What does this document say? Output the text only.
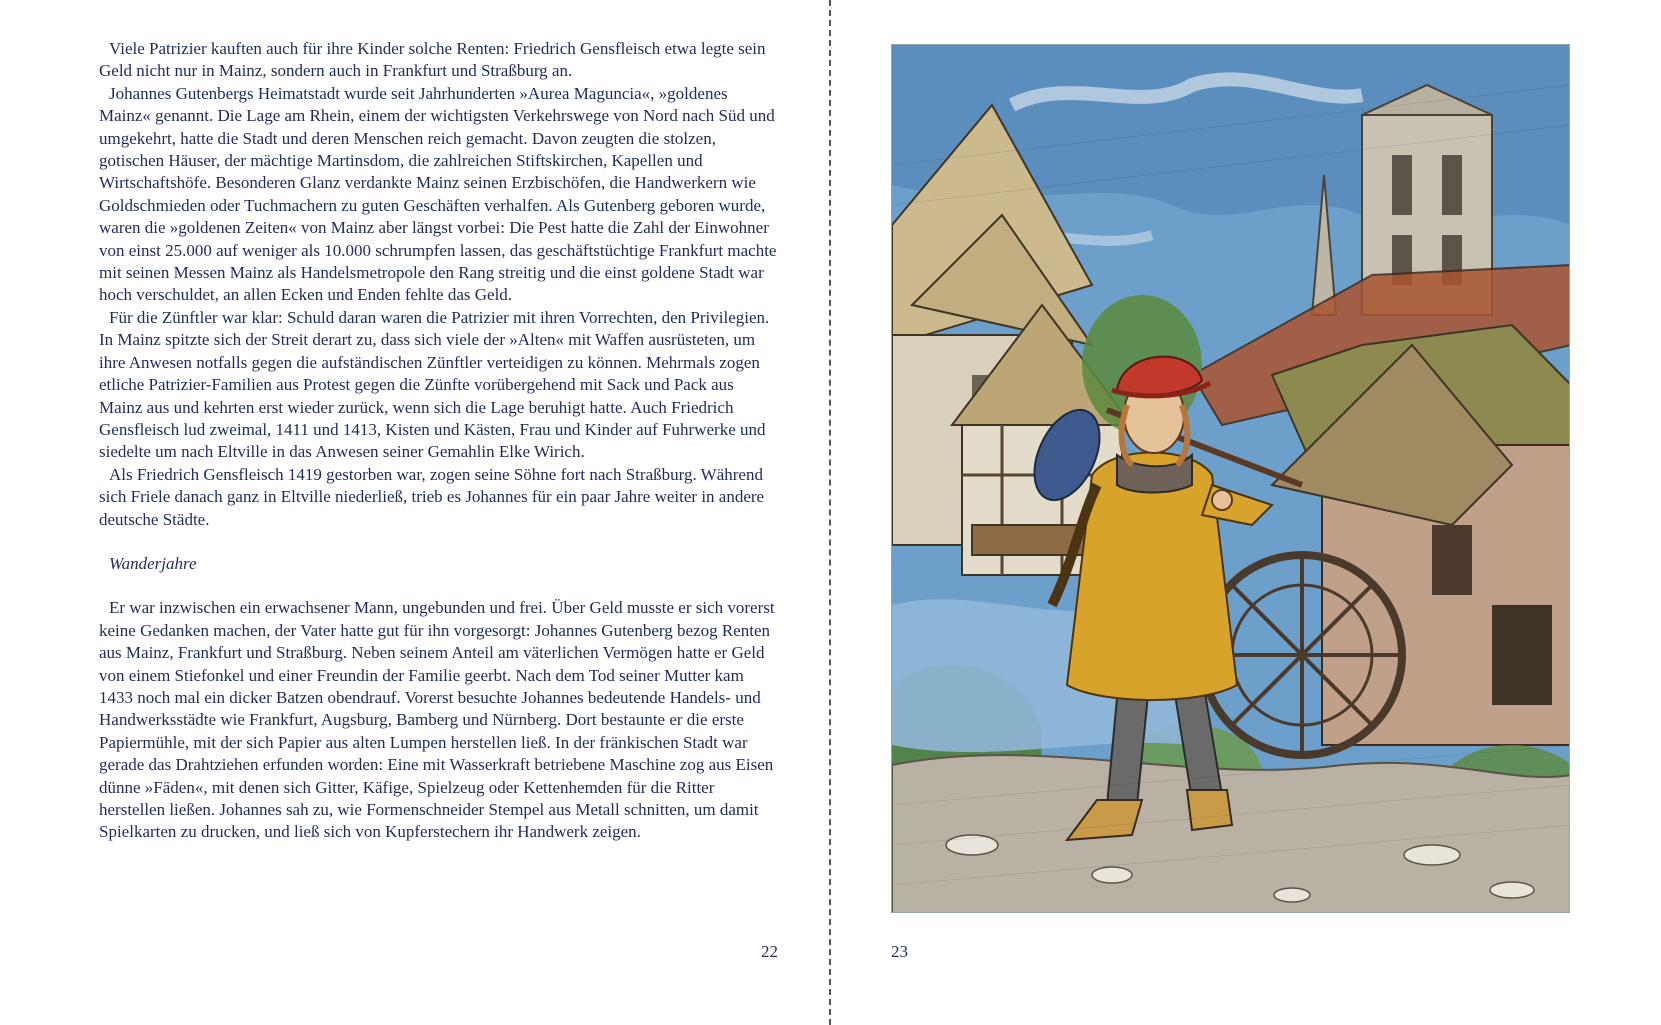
Viele Patrizier kauften auch für ihre Kinder solche Renten: Friedrich Gensfleisch etwa legte sein Geld nicht nur in Mainz, sondern auch in Frankfurt und Straßburg an.

Johannes Gutenbergs Heimatstadt wurde seit Jahrhunderten »Aurea Maguncia«, »goldenes Mainz« genannt. Die Lage am Rhein, einem der wichtigsten Verkehrswege von Nord nach Süd und umgekehrt, hatte die Stadt und deren Menschen reich gemacht. Davon zeugten die stolzen, gotischen Häuser, der mächtige Martinsdom, die zahlreichen Stiftskirchen, Kapellen und Wirtschaftshöfe. Besonderen Glanz verdankte Mainz seinen Erzbischöfen, die Handwerkern wie Goldschmieden oder Tuchmachern zu guten Geschäften verhalfen. Als Gutenberg geboren wurde, waren die »goldenen Zeiten« von Mainz aber längst vorbei: Die Pest hatte die Zahl der Einwohner von einst 25.000 auf weniger als 10.000 schrumpfen lassen, das geschäftstüchtige Frankfurt machte mit seinen Messen Mainz als Handelsmetropole den Rang streitig und die einst goldene Stadt war hoch verschuldet, an allen Ecken und Enden fehlte das Geld.

Für die Zünftler war klar: Schuld daran waren die Patrizier mit ihren Vorrechten, den Privilegien. In Mainz spitzte sich der Streit derart zu, dass sich viele der »Alten« mit Waffen ausrüsteten, um ihre Anwesen notfalls gegen die aufständischen Zünftler verteidigen zu können. Mehrmals zogen etliche Patrizier-Familien aus Protest gegen die Zünfte vorübergehend mit Sack und Pack aus Mainz aus und kehrten erst wieder zurück, wenn sich die Lage beruhigt hatte. Auch Friedrich Gensfleisch lud zweimal, 1411 und 1413, Kisten und Kästen, Frau und Kinder auf Fuhrwerke und siedelte um nach Eltville in das Anwesen seiner Gemahlin Elke Wirich.

Als Friedrich Gensfleisch 1419 gestorben war, zogen seine Söhne fort nach Straßburg. Während sich Friele danach ganz in Eltville niederließ, trieb es Johannes für ein paar Jahre weiter in andere deutsche Städte.

Wanderjahre

Er war inzwischen ein erwachsener Mann, ungebunden und frei. Über Geld musste er sich vorerst keine Gedanken machen, der Vater hatte gut für ihn vorgesorgt: Johannes Gutenberg bezog Renten aus Mainz, Frankfurt und Straßburg. Neben seinem Anteil am väterlichen Vermögen hatte er Geld von einem Stiefonkel und einer Freundin der Familie geerbt. Nach dem Tod seiner Mutter kam 1433 noch mal ein dicker Batzen obendrauf. Vorerst besuchte Johannes bedeutende Handels- und Handwerksstädte wie Frankfurt, Augsburg, Bamberg und Nürnberg. Dort bestaunte er die erste Papiermühle, mit der sich Papier aus alten Lumpen herstellen ließ. In der fränkischen Stadt war gerade das Drahtziehen erfunden worden: Eine mit Wasserkraft betriebene Maschine zog aus Eisen dünne »Fäden«, mit denen sich Gitter, Käfige, Spielzeug oder Kettenhemden für die Ritter herstellen ließen. Johannes sah zu, wie Formenschneider Stempel aus Metall schnitten, um damit Spielkarten zu drucken, und ließ sich von Kupferstechern ihr Handwerk zeigen.

22	23
